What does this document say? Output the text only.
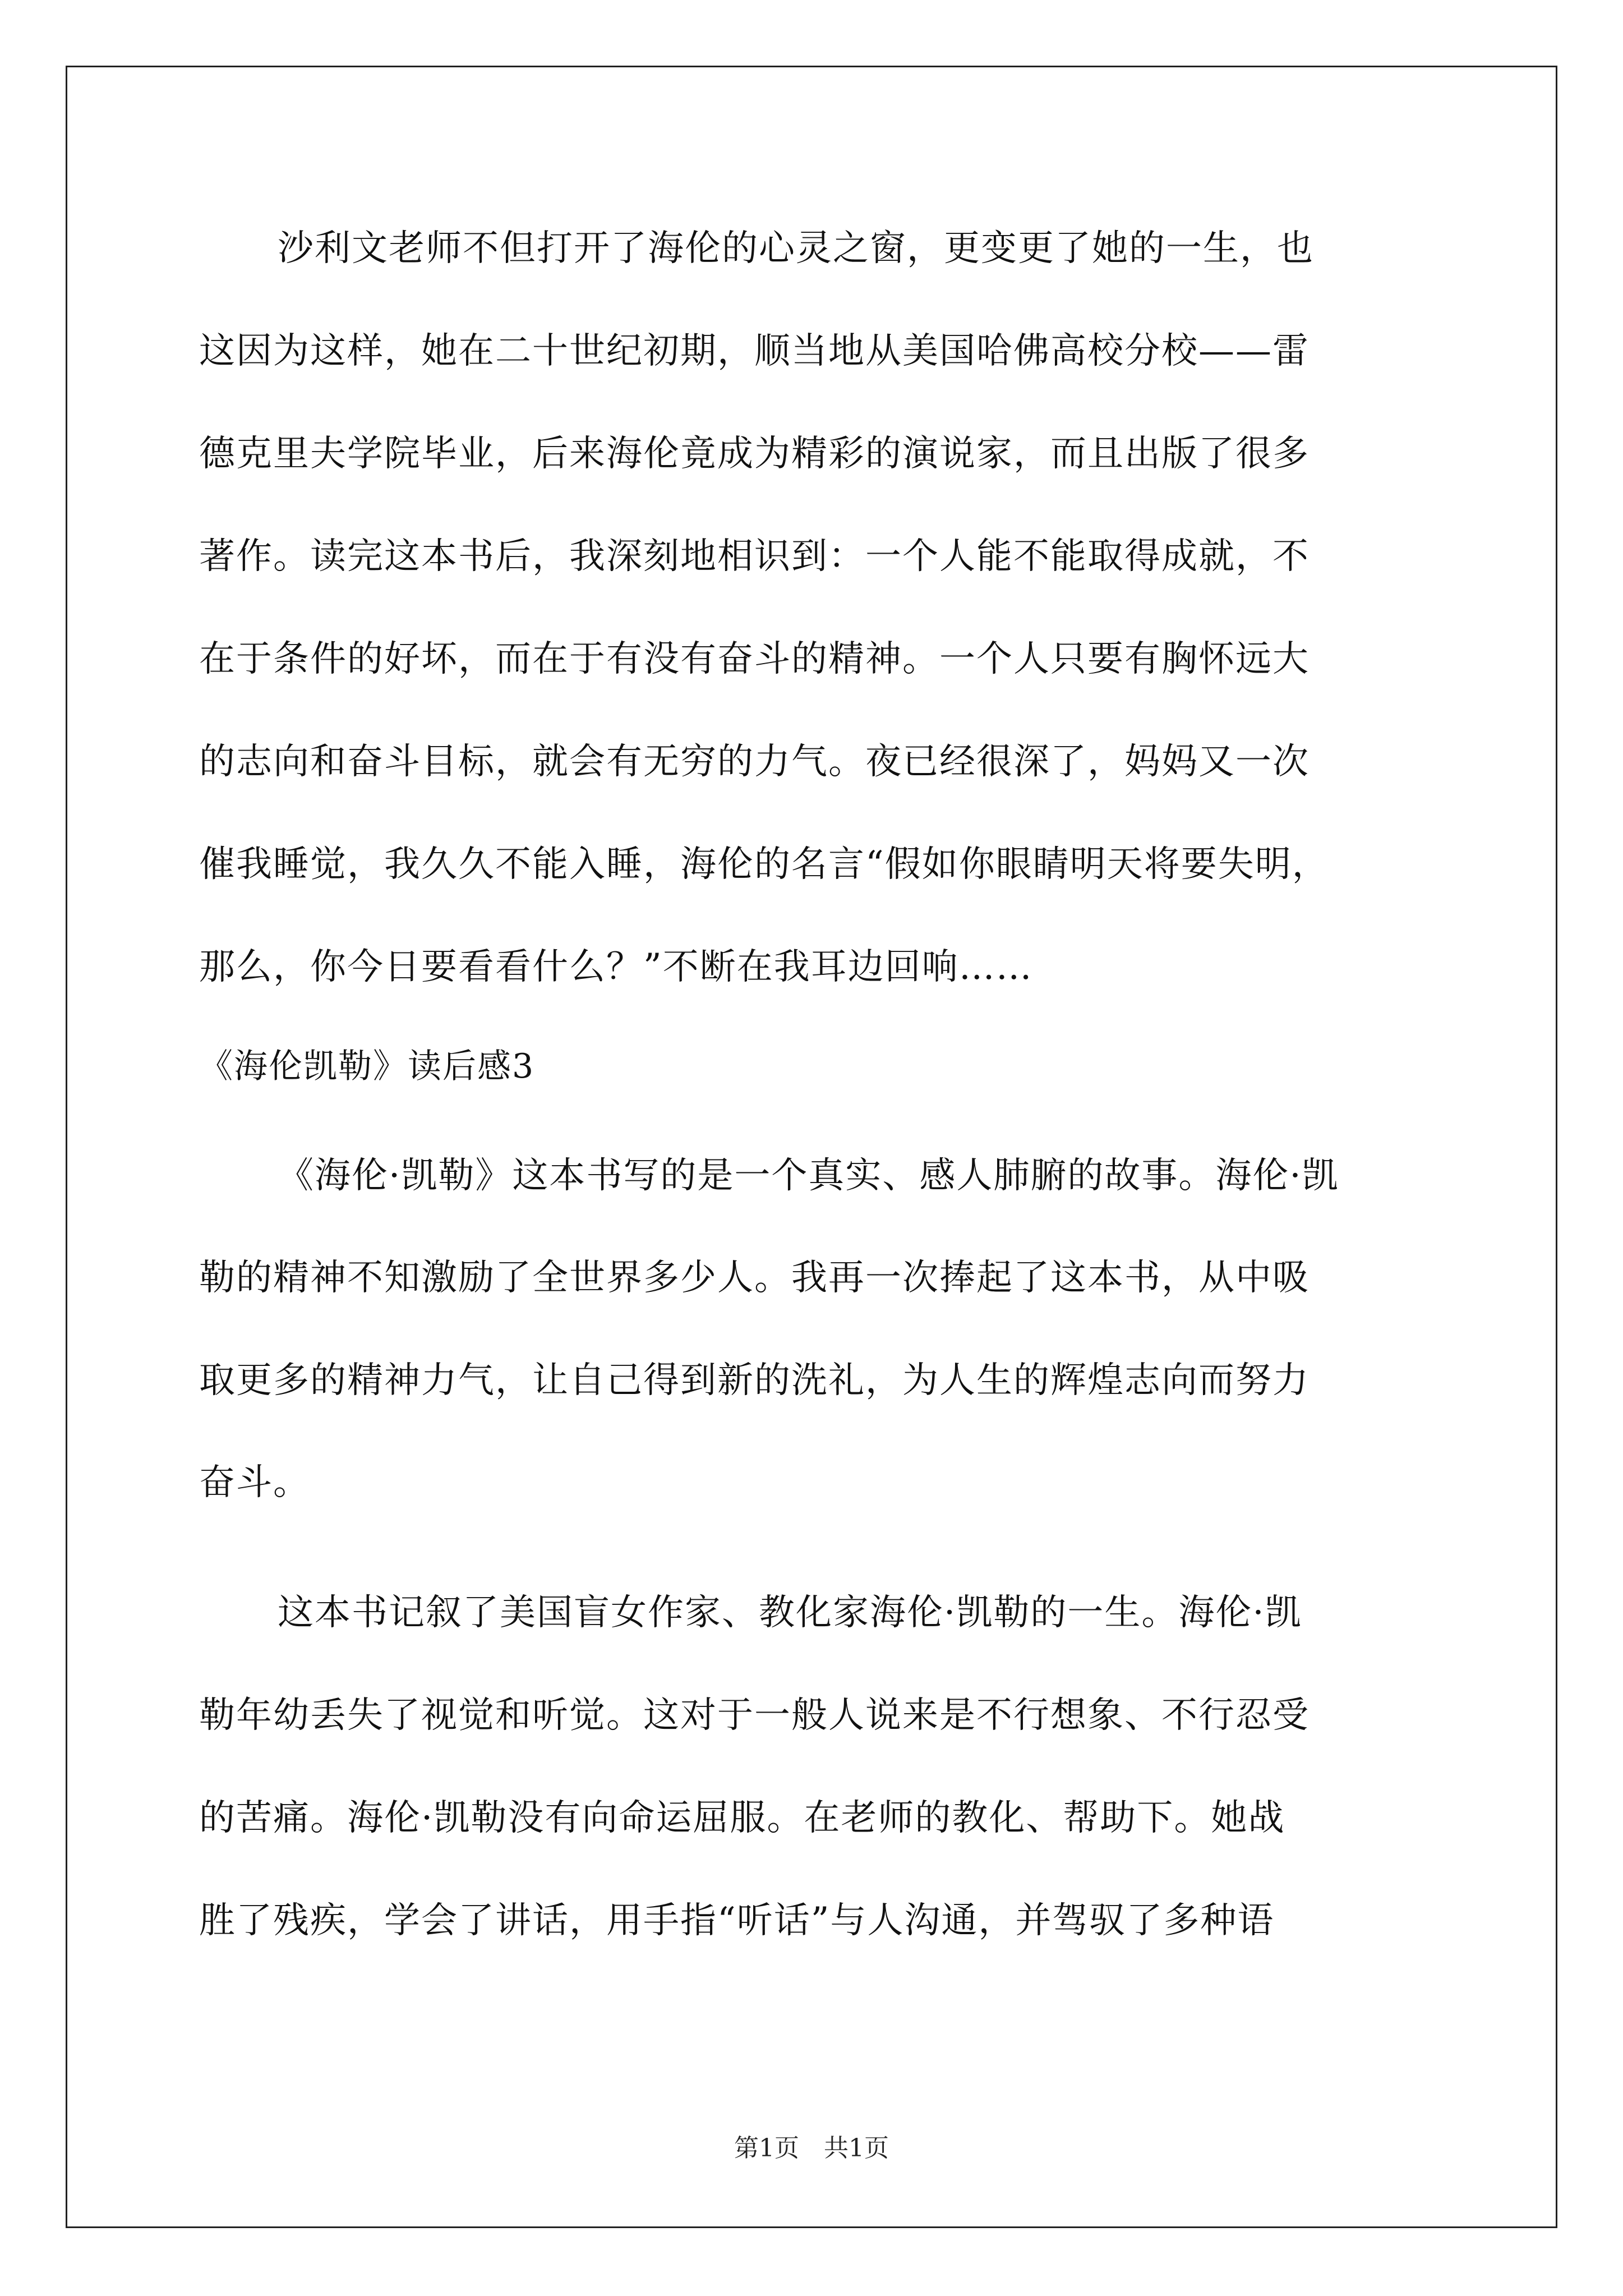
沙利文老师不但打开了海伦的心灵之窗，更变更了她的一生，也
这因为这样，她在二十世纪初期，顺当地从美国哈佛高校分校——雷
德克里夫学院毕业，后来海伦竟成为精彩的演说家，而且出版了很多
著作。读完这本书后，我深刻地相识到：一个人能不能取得成就，不
在于条件的好坏，而在于有没有奋斗的精神。一个人只要有胸怀远大
的志向和奋斗目标，就会有无穷的力气。夜已经很深了，妈妈又一次
催我睡觉，我久久不能入睡，海伦的名言“假如你眼睛明天将要失明，
那么，你今日要看看什么？”不断在我耳边回响……
《海伦凯勒》读后感3
《海伦·凯勒》这本书写的是一个真实、感人肺腑的故事。海伦·凯
勒的精神不知激励了全世界多少人。我再一次捧起了这本书，从中吸
取更多的精神力气，让自己得到新的洗礼，为人生的辉煌志向而努力
奋斗。
这本书记叙了美国盲女作家、教化家海伦·凯勒的一生。海伦·凯
勒年幼丢失了视觉和听觉。这对于一般人说来是不行想象、不行忍受
的苦痛。海伦·凯勒没有向命运屈服。在老师的教化、帮助下。她战
胜了残疾，学会了讲话，用手指“听话”与人沟通，并驾驭了多种语
第1页　共1页
